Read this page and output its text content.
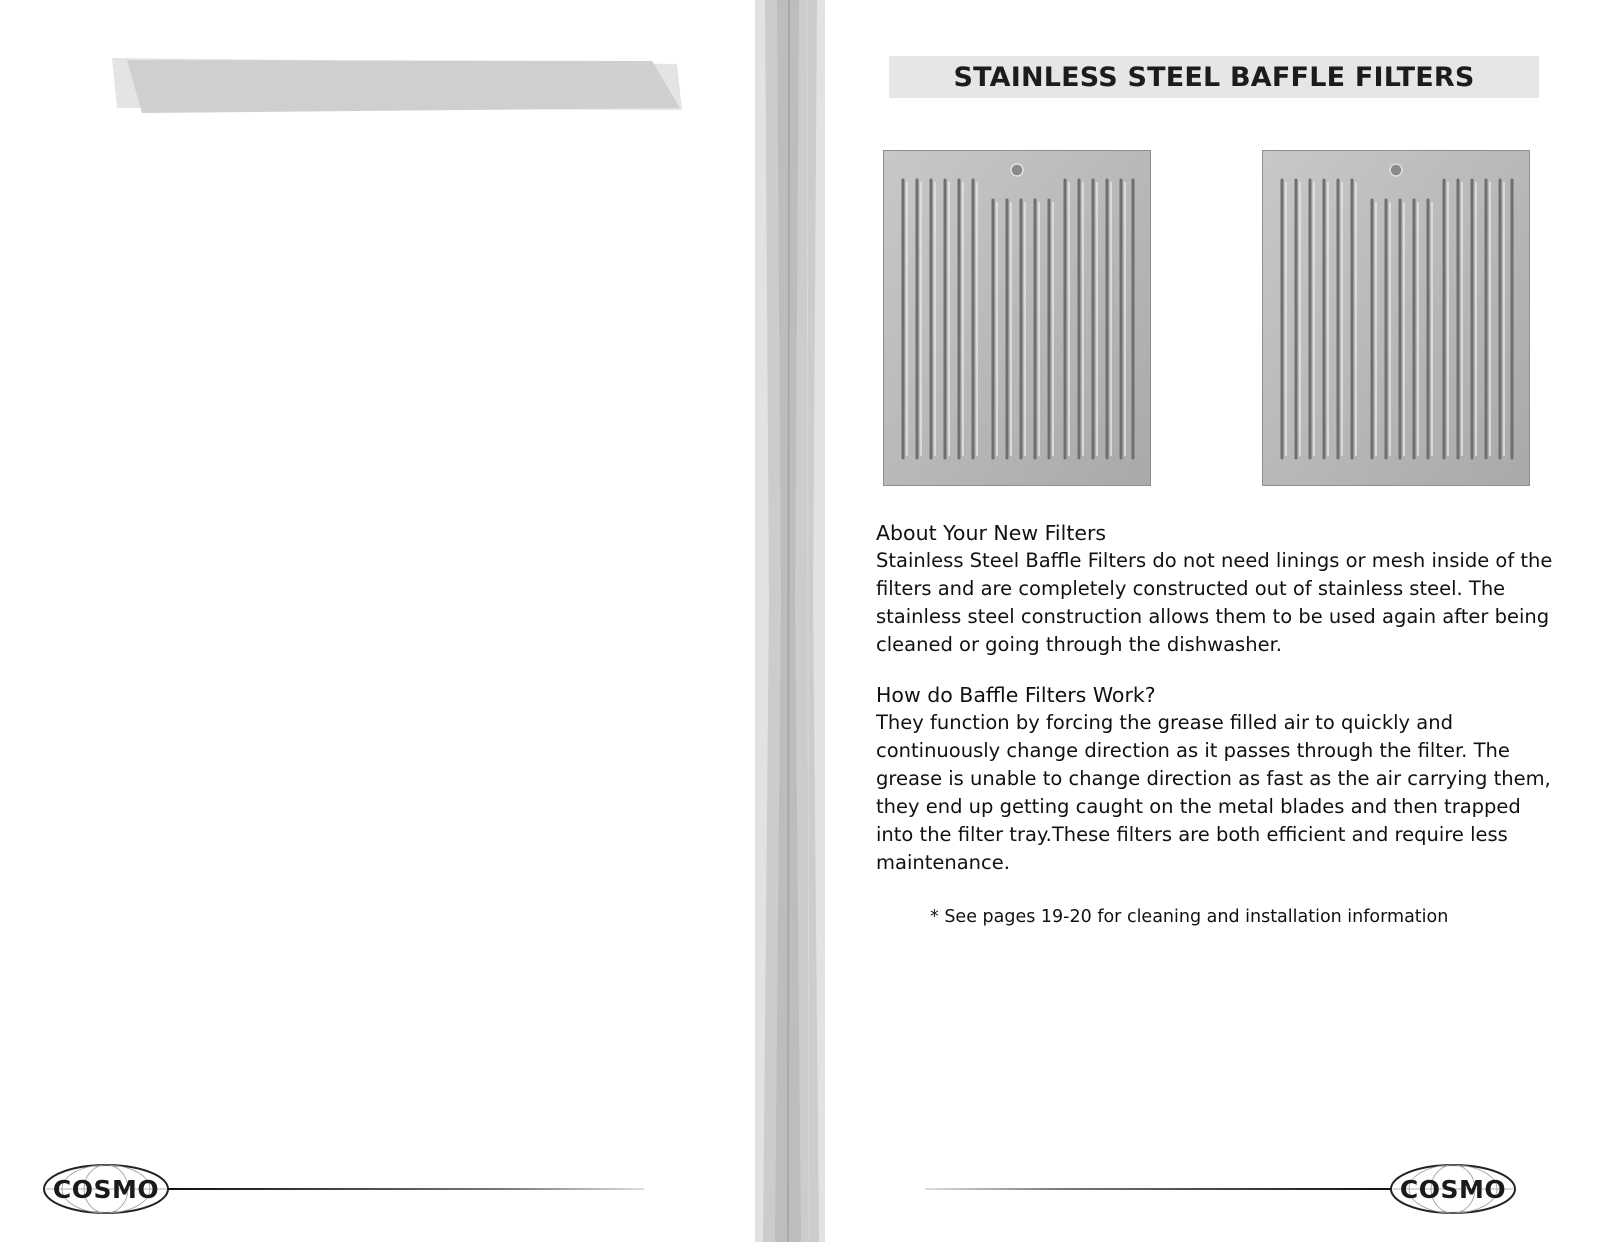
COSMO
STAINLESS STEEL BAFFLE FILTERS

About Your New Filters

Stainless Steel Baffle Filters do not need linings or mesh inside of the filters and are completely constructed out of stainless steel. The stainless steel construction allows them to be used again after being cleaned or going through the dishwasher.

How do Baffle Filters Work?

They function by forcing the grease filled air to quickly and continuously change direction as it passes through the filter. The grease is unable to change direction as fast as the air carrying them, they end up getting caught on the metal blades and then trapped into the filter tray.These filters are both efficient and require less maintenance.

* See pages 19-20 for cleaning and installation information
COSMO
